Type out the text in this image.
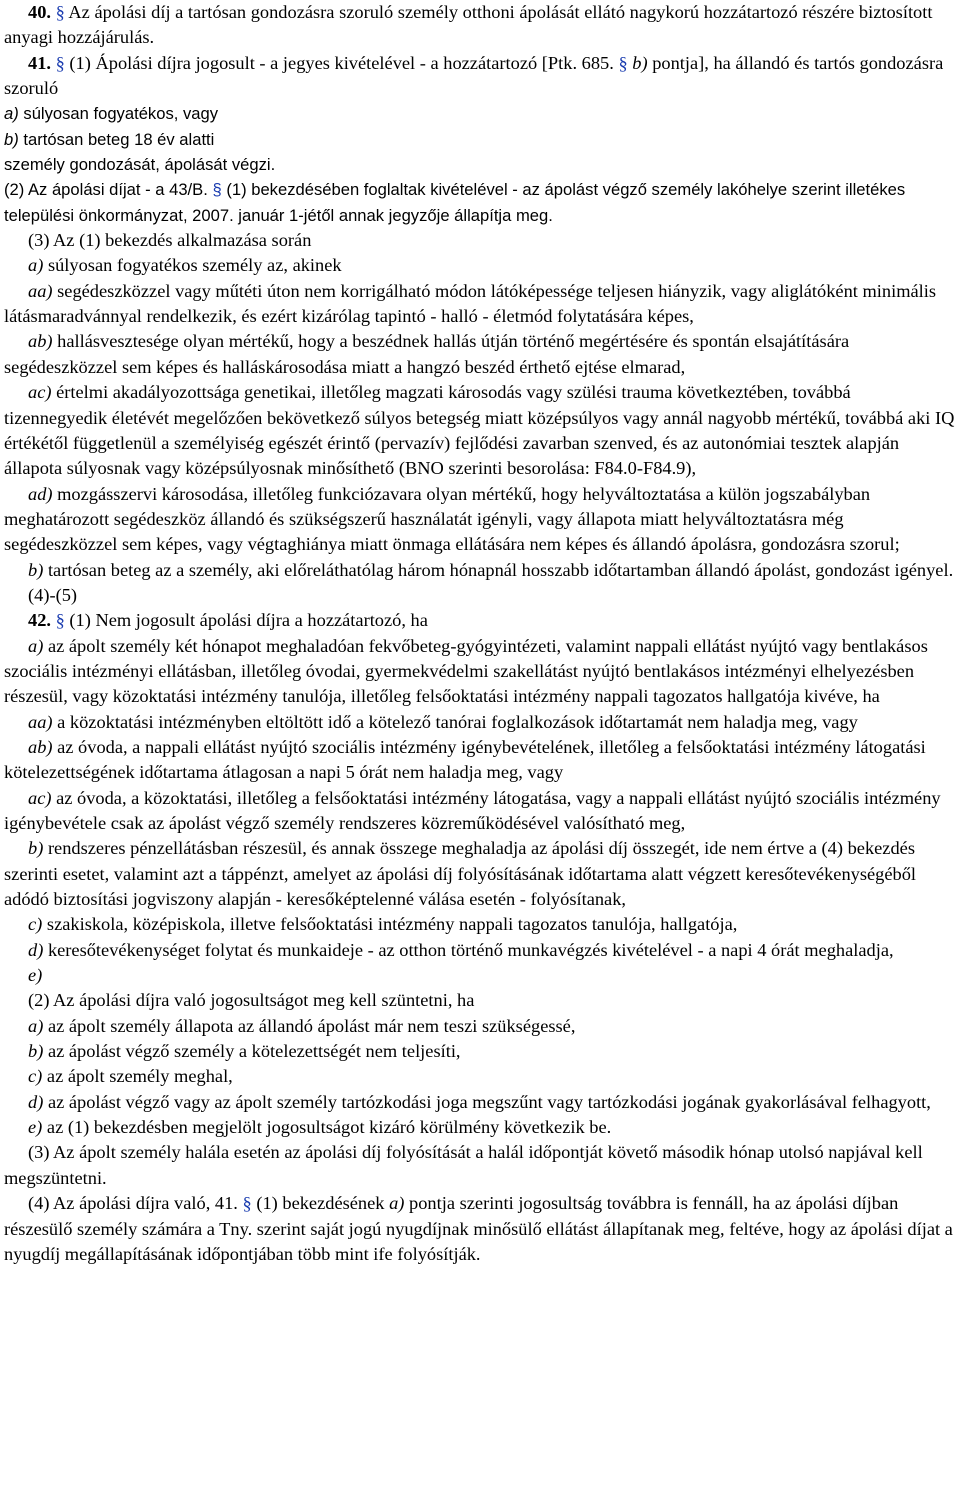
40. § Az ápolási díj a tartósan gondozásra szoruló személy otthoni ápolását ellátó nagykorú hozzátartozó részére biztosított anyagi hozzájárulás.

41. § (1) Ápolási díjra jogosult - a jegyes kivételével - a hozzátartozó [Ptk. 685. § b) pontja], ha állandó és tartós gondozásra szoruló

a) súlyosan fogyatékos, vagy

b) tartósan beteg 18 év alatti

személy gondozását, ápolását végzi.

(2) Az ápolási díjat - a 43/B. § (1) bekezdésében foglaltak kivételével - az ápolást végző személy lakóhelye szerint illetékes települési önkormányzat, 2007. január 1-jétől annak jegyzője állapítja meg.

(3) Az (1) bekezdés alkalmazása során

a) súlyosan fogyatékos személy az, akinek

aa) segédeszközzel vagy műtéti úton nem korrigálható módon látóképessége teljesen hiányzik, vagy aliglátóként minimális látásmaradvánnyal rendelkezik, és ezért kizárólag tapintó - halló - életmód folytatására képes,

ab) hallásvesztesége olyan mértékű, hogy a beszédnek hallás útján történő megértésére és spontán elsajátítására segédeszközzel sem képes és halláskárosodása miatt a hangzó beszéd érthető ejtése elmarad,

ac) értelmi akadályozottsága genetikai, illetőleg magzati károsodás vagy szülési trauma következtében, továbbá tizennegyedik életévét megelőzően bekövetkező súlyos betegség miatt középsúlyos vagy annál nagyobb mértékű, továbbá aki IQ értékétől függetlenül a személyiség egészét érintő (pervazív) fejlődési zavarban szenved, és az autonómiai tesztek alapján állapota súlyosnak vagy középsúlyosnak minősíthető (BNO szerinti besorolása: F84.0-F84.9),

ad) mozgásszervi károsodása, illetőleg funkciózavara olyan mértékű, hogy helyváltoztatása a külön jogszabályban meghatározott segédeszköz állandó és szükségszerű használatát igényli, vagy állapota miatt helyváltoztatásra még segédeszközzel sem képes, vagy végtaghiánya miatt önmaga ellátására nem képes és állandó ápolásra, gondozásra szorul;

b) tartósan beteg az a személy, aki előreláthatólag három hónapnál hosszabb időtartamban állandó ápolást, gondozást igényel.

(4)-(5)

42. § (1) Nem jogosult ápolási díjra a hozzátartozó, ha

a) az ápolt személy két hónapot meghaladóan fekvőbeteg-gyógyintézeti, valamint nappali ellátást nyújtó vagy bentlakásos szociális intézményi ellátásban, illetőleg óvodai, gyermekvédelmi szakellátást nyújtó bentlakásos intézményi elhelyezésben részesül, vagy közoktatási intézmény tanulója, illetőleg felsőoktatási intézmény nappali tagozatos hallgatója kivéve, ha

aa) a közoktatási intézményben eltöltött idő a kötelező tanórai foglalkozások időtartamát nem haladja meg, vagy

ab) az óvoda, a nappali ellátást nyújtó szociális intézmény igénybevételének, illetőleg a felsőoktatási intézmény látogatási kötelezettségének időtartama átlagosan a napi 5 órát nem haladja meg, vagy

ac) az óvoda, a közoktatási, illetőleg a felsőoktatási intézmény látogatása, vagy a nappali ellátást nyújtó szociális intézmény igénybevétele csak az ápolást végző személy rendszeres közreműködésével valósítható meg,

b) rendszeres pénzellátásban részesül, és annak összege meghaladja az ápolási díj összegét, ide nem értve a (4) bekezdés szerinti esetet, valamint azt a táppénzt, amelyet az ápolási díj folyósításának időtartama alatt végzett keresőtevékenységéből adódó biztosítási jogviszony alapján - keresőképtelenné válása esetén - folyósítanak,

c) szakiskola, középiskola, illetve felsőoktatási intézmény nappali tagozatos tanulója, hallgatója,

d) keresőtevékenységet folytat és munkaideje - az otthon történő munkavégzés kivételével - a napi 4 órát meghaladja,

e)

(2) Az ápolási díjra való jogosultságot meg kell szüntetni, ha

a) az ápolt személy állapota az állandó ápolást már nem teszi szükségessé,

b) az ápolást végző személy a kötelezettségét nem teljesíti,

c) az ápolt személy meghal,

d) az ápolást végző vagy az ápolt személy tartózkodási joga megszűnt vagy tartózkodási jogának gyakorlásával felhagyott,

e) az (1) bekezdésben megjelölt jogosultságot kizáró körülmény következik be.

(3) Az ápolt személy halála esetén az ápolási díj folyósítását a halál időpontját követő második hónap utolsó napjával kell megszüntetni.

(4) Az ápolási díjra való, 41. § (1) bekezdésének a) pontja szerinti jogosultság továbbra is fennáll, ha az ápolási díjban részesülő személy számára a Tny. szerint saját jogú nyugdíjnak minősülő ellátást állapítanak meg, feltéve, hogy az ápolási díjat a nyugdíj megállapításának időpontjában több mint ife folyósítják.
